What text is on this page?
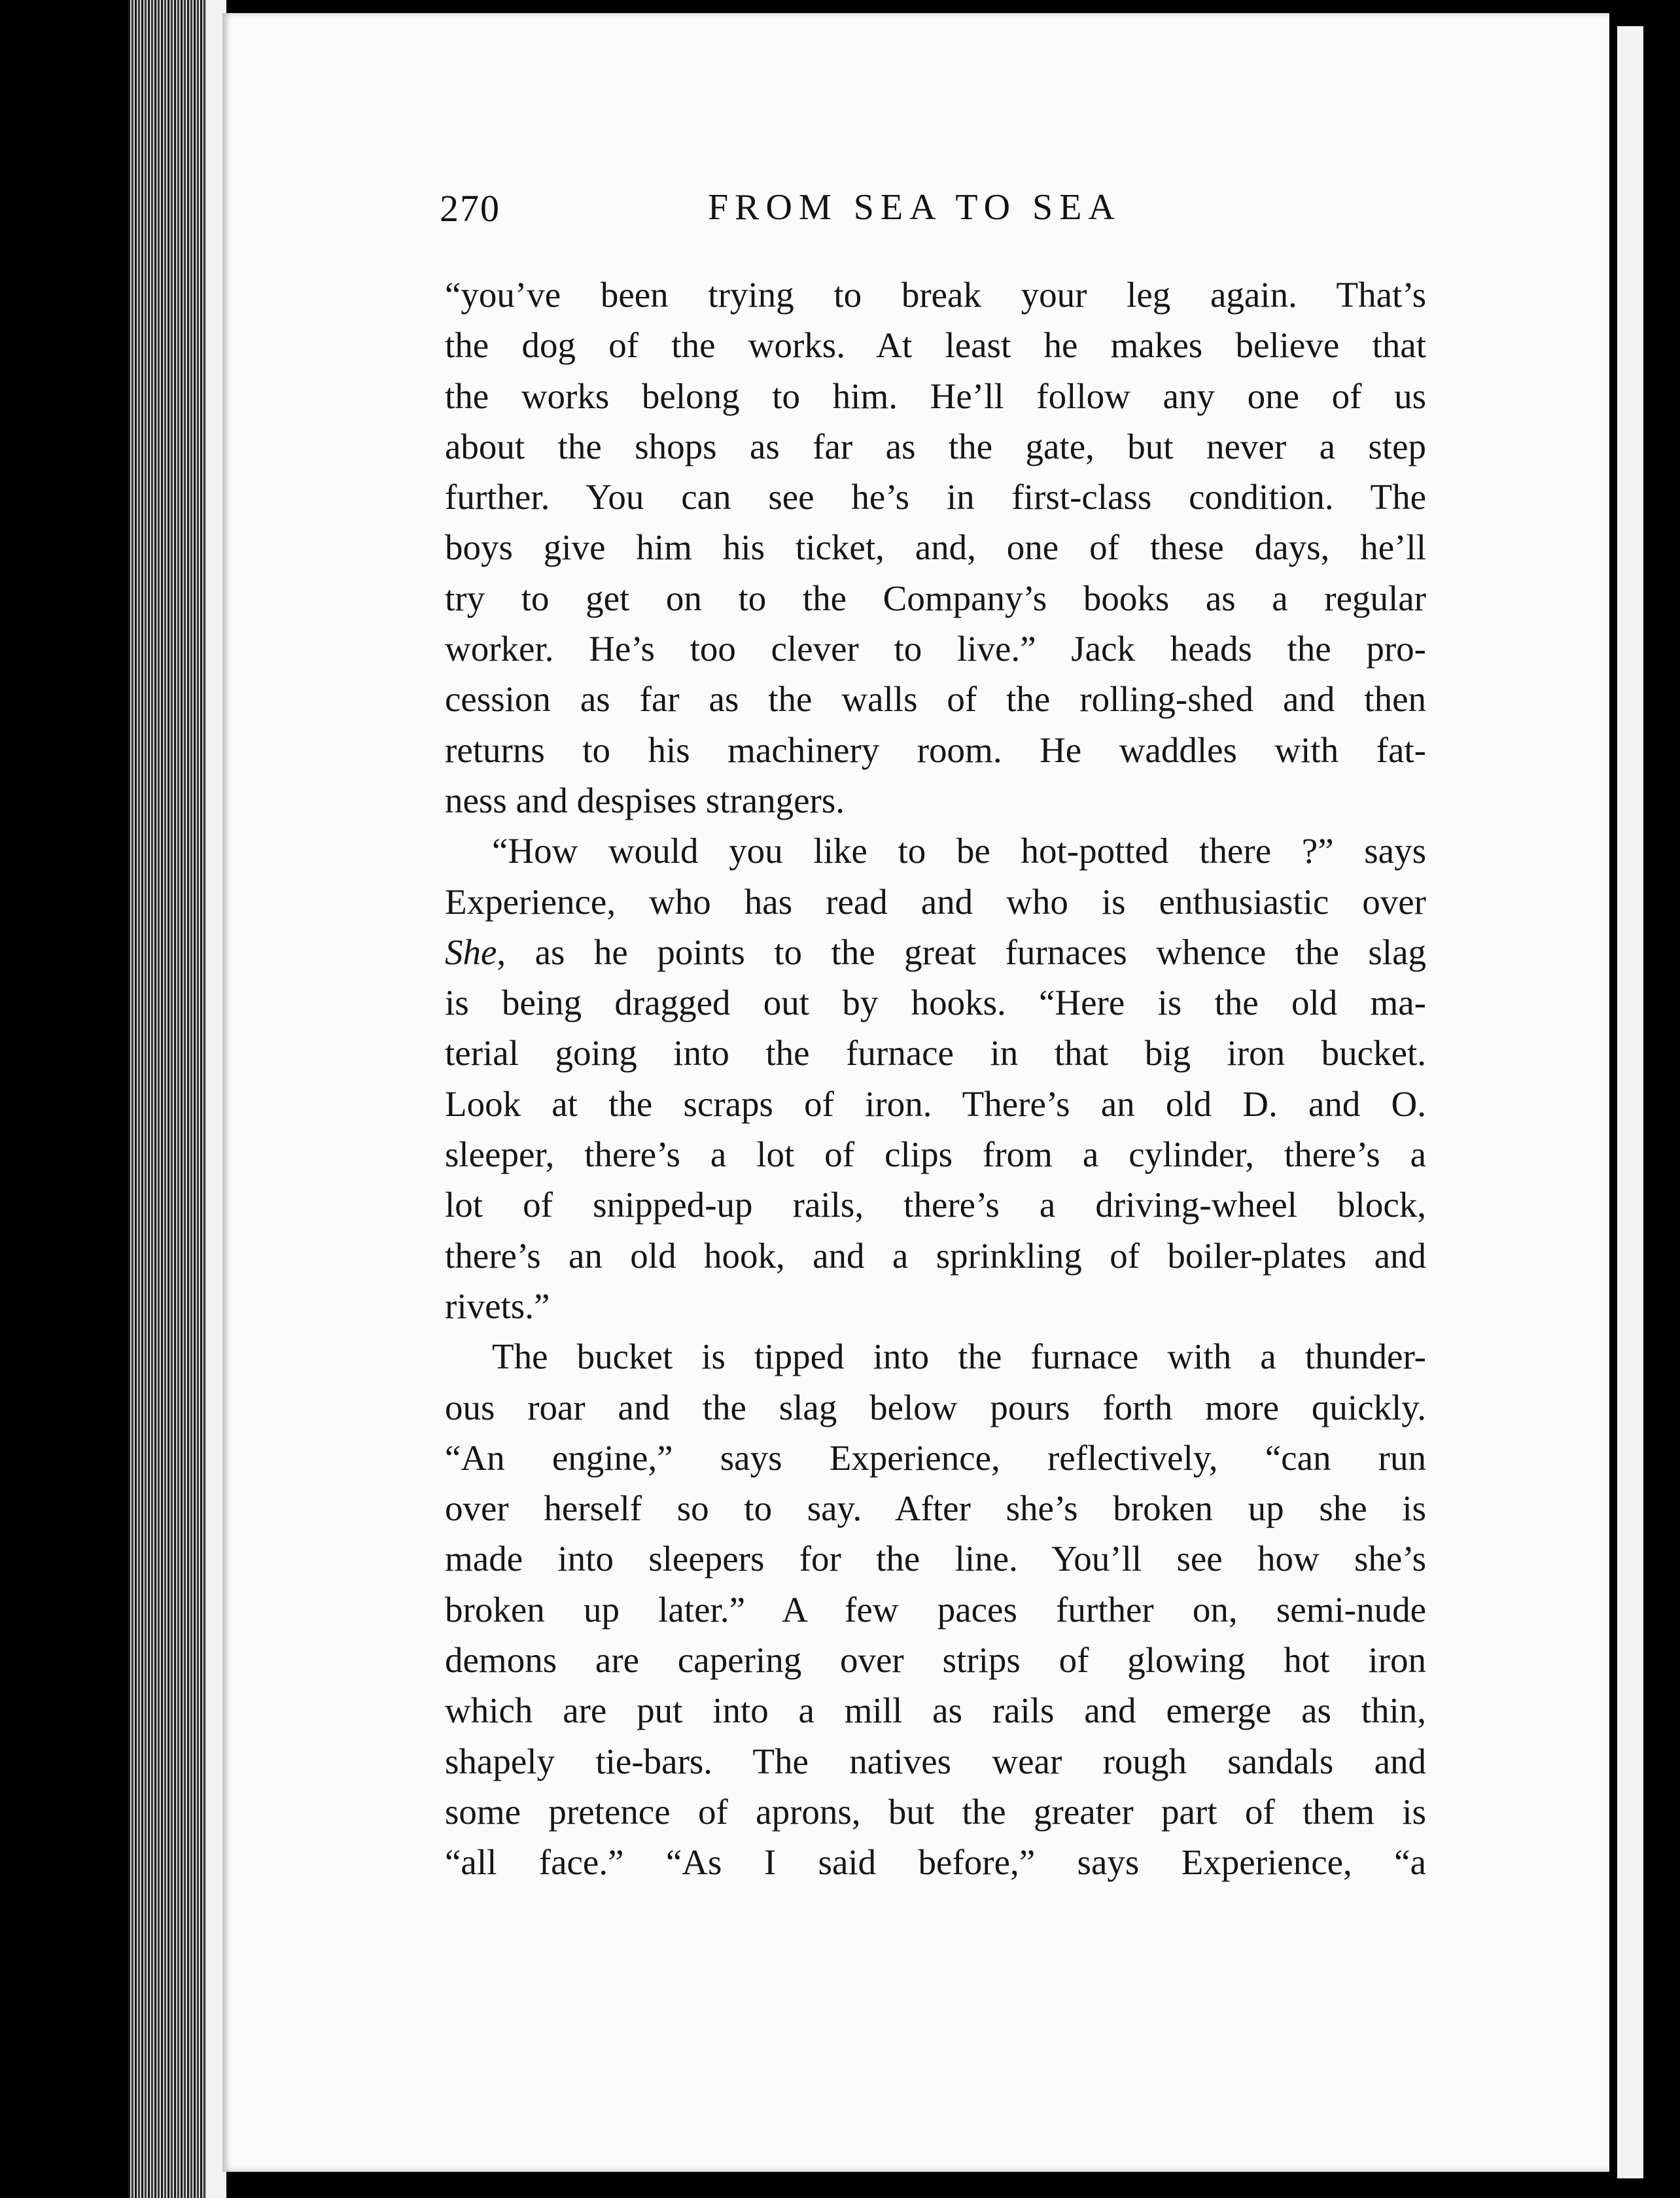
270	FROM SEA TO SEA
“you’ve been trying to break your leg again. That’s
the dog of the works. At least he makes believe that
the works belong to him. He’ll follow any one of us
about the shops as far as the gate, but never a step
further. You can see he’s in first-class condition. The
boys give him his ticket, and, one of these days, he’ll
try to get on to the Company’s books as a regular
worker. He’s too clever to live.” Jack heads the pro-
cession as far as the walls of the rolling-shed and then
returns to his machinery room. He waddles with fat-
ness and despises strangers.
“How would you like to be hot-potted there ?” says
Experience, who has read and who is enthusiastic over
She, as he points to the great furnaces whence the slag
is being dragged out by hooks. “Here is the old ma-
terial going into the furnace in that big iron bucket.
Look at the scraps of iron. There’s an old D. and O.
sleeper, there’s a lot of clips from a cylinder, there’s a
lot of snipped-up rails, there’s a driving-wheel block,
there’s an old hook, and a sprinkling of boiler-plates and
rivets.”
The bucket is tipped into the furnace with a thunder-
ous roar and the slag below pours forth more quickly.
“An engine,” says Experience, reflectively, “can run
over herself so to say. After she’s broken up she is
made into sleepers for the line. You’ll see how she’s
broken up later.” A few paces further on, semi-nude
demons are capering over strips of glowing hot iron
which are put into a mill as rails and emerge as thin,
shapely tie-bars. The natives wear rough sandals and
some pretence of aprons, but the greater part of them is
“all face.” “As I said before,” says Experience, “a
